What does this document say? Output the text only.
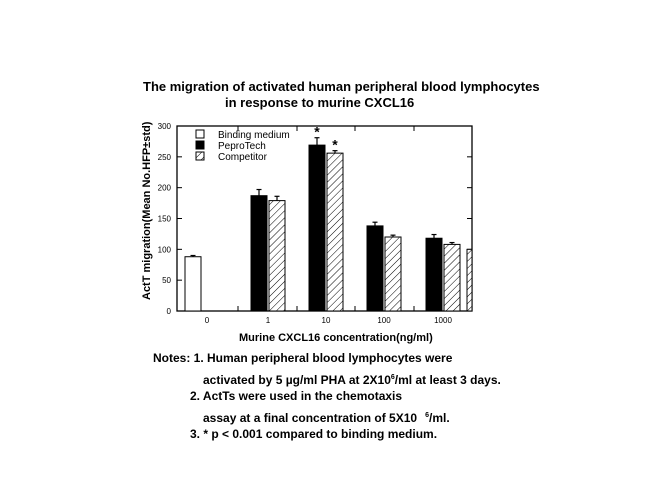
The migration of activated human peripheral blood lymphocytes
in response to murine CXCL16
0
50
100
150
200
250
300
0	1	10	100	1000
*
*
Binding medium
PeproTech
Competitor
ActT migration(Mean No.HFP±std)
Murine CXCL16 concentration(ng/ml)
Notes: 1. Human peripheral blood lymphocytes were
activated by 5 µg/ml PHA at $2X10^6/ml$ at least 3 days.
2. ActTs were used in the chemotaxis
assay at a final concentration of 5X10 $^6$/ml.
3. * p < 0.001 compared to binding medium.
